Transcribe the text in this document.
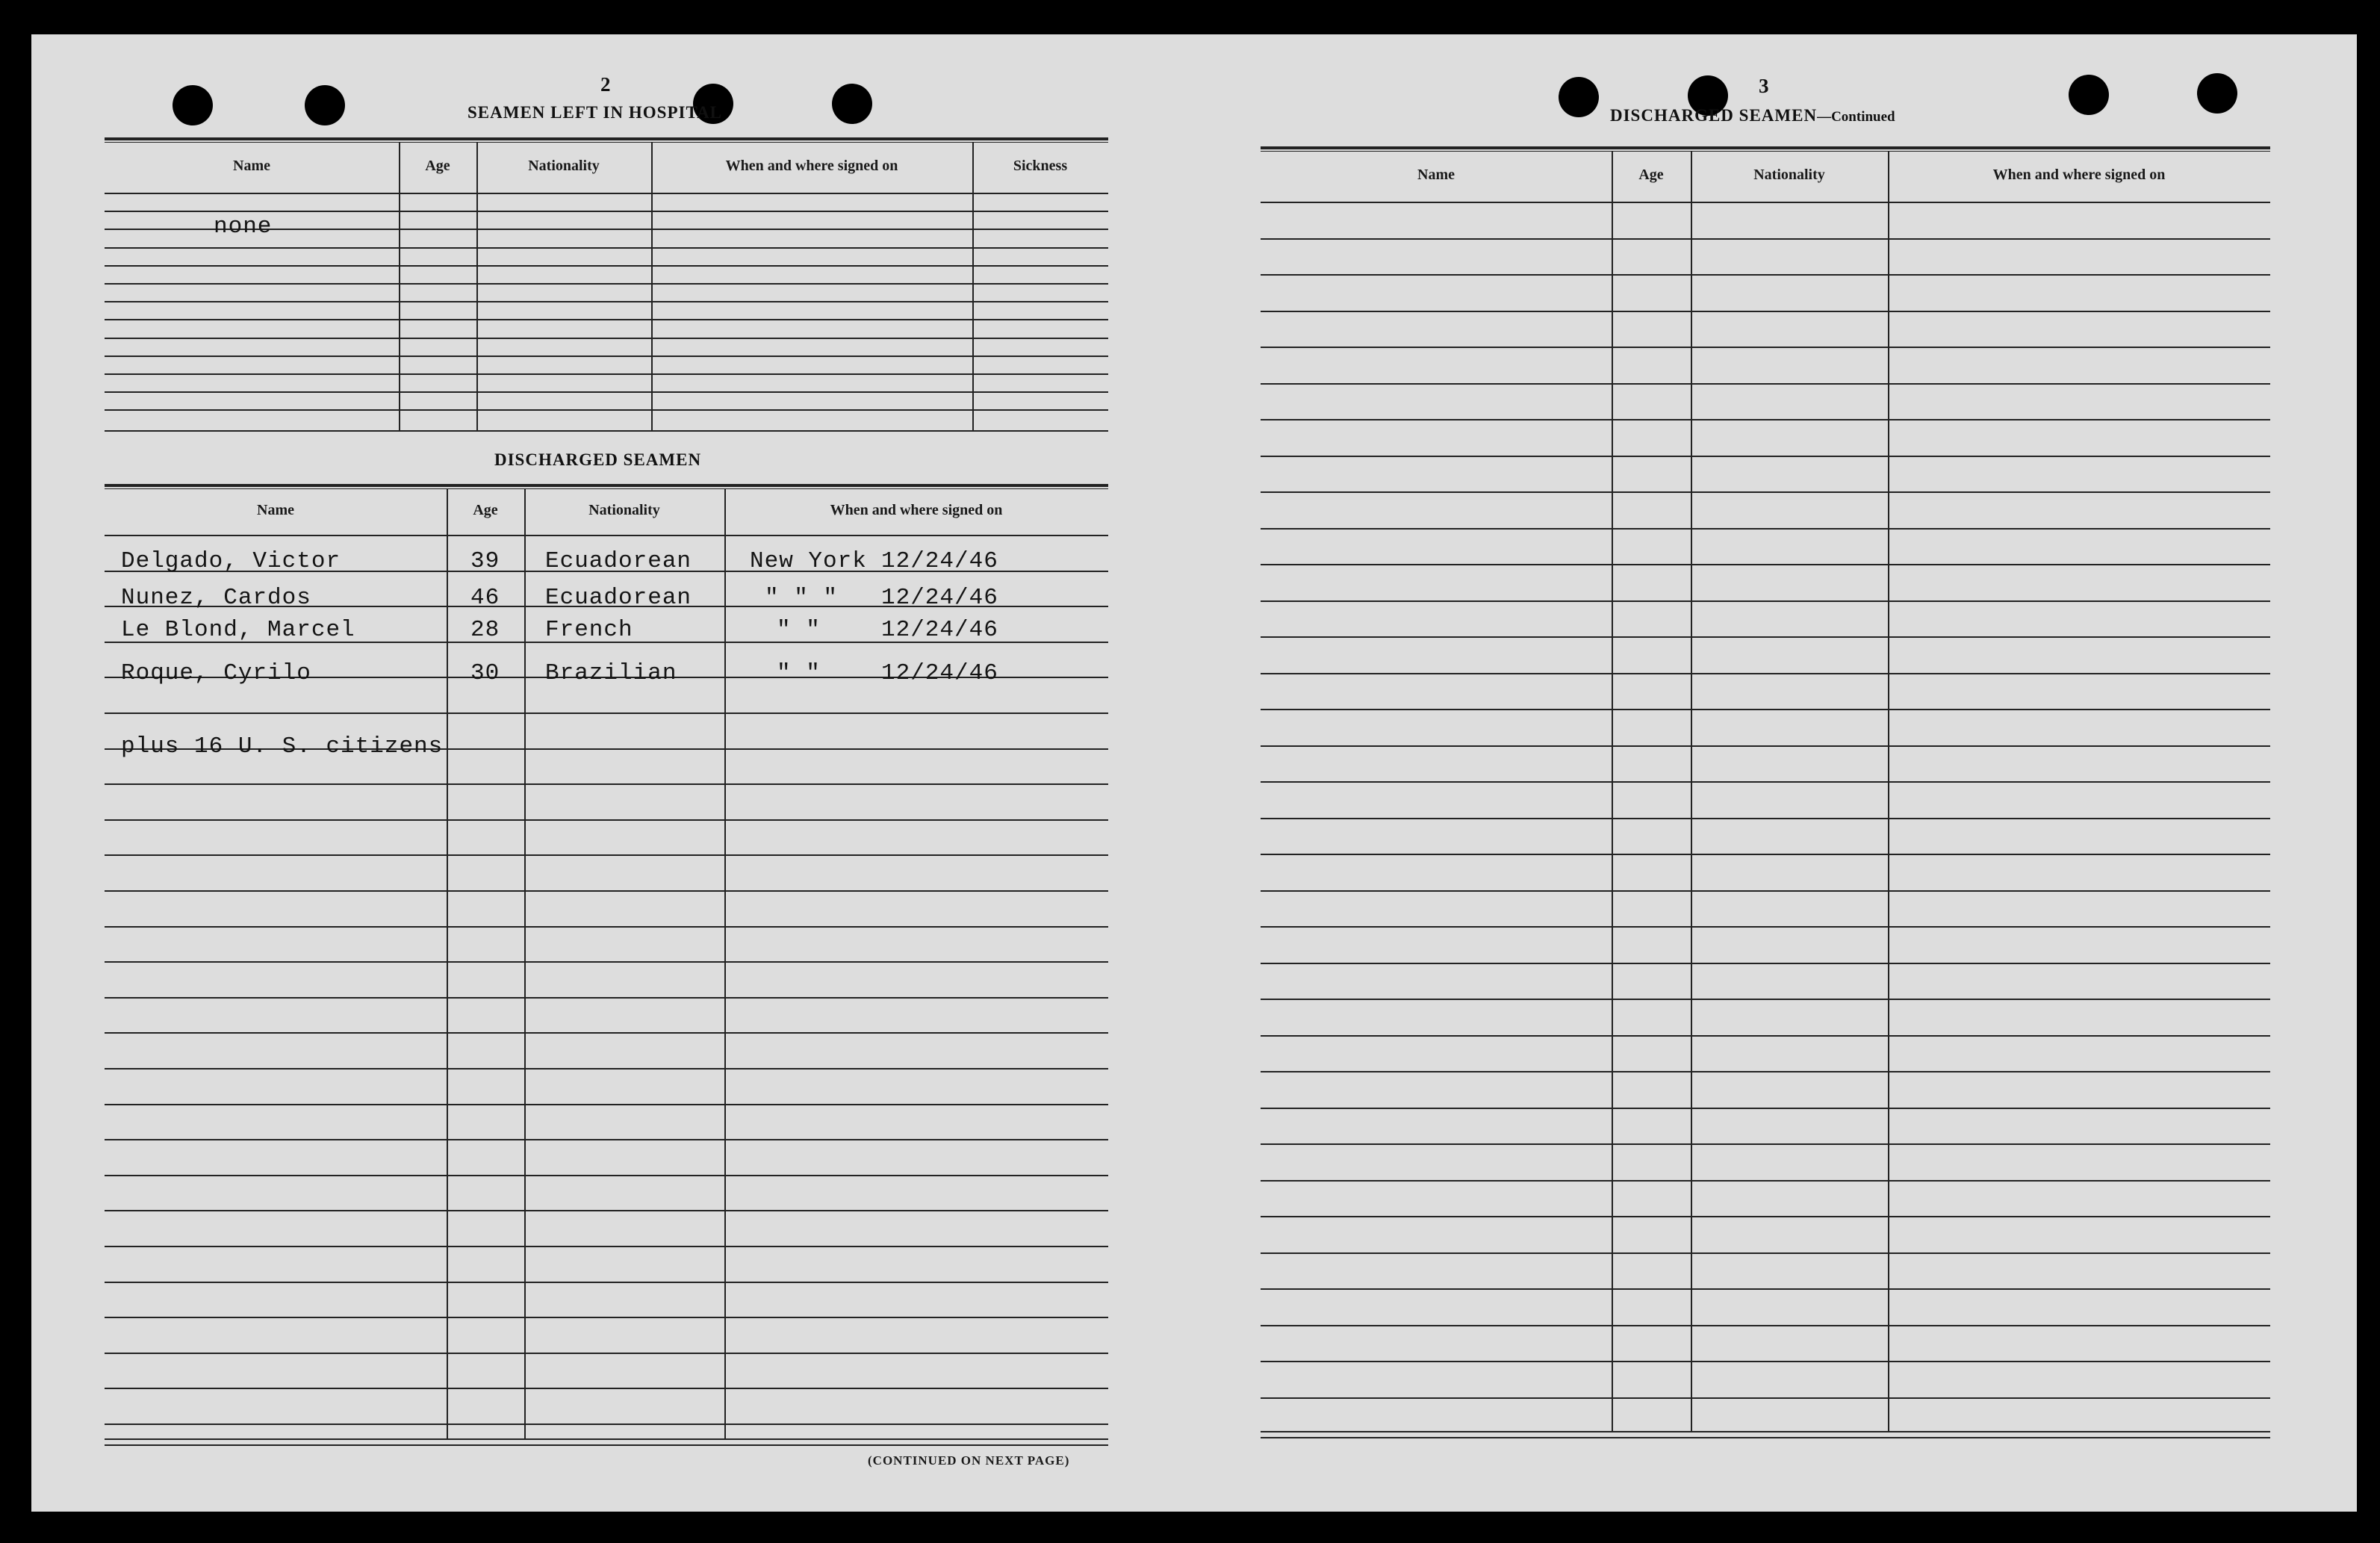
2
SEAMEN LEFT IN HOSPITAL
Name	Age	Nationality	When and where signed on	Sickness
DISCHARGED SEAMEN
Name	Age	Nationality	When and where signed on
none
Delgado, Victor	39 Ecuadorean	New York 12/24/46
Nunez, Cardos	46 Ecuadorean	" " " 12/24/46
Le Blond, Marcel	28 French	" "	12/24/46
Roque, Cyrilo	30 Brazilian	" "	12/24/46
plus 16 U. S. citizens
(CONTINUED ON NEXT PAGE)
3
DISCHARGED SEAMEN—Continued
Name	Age	Nationality	When and where signed on
